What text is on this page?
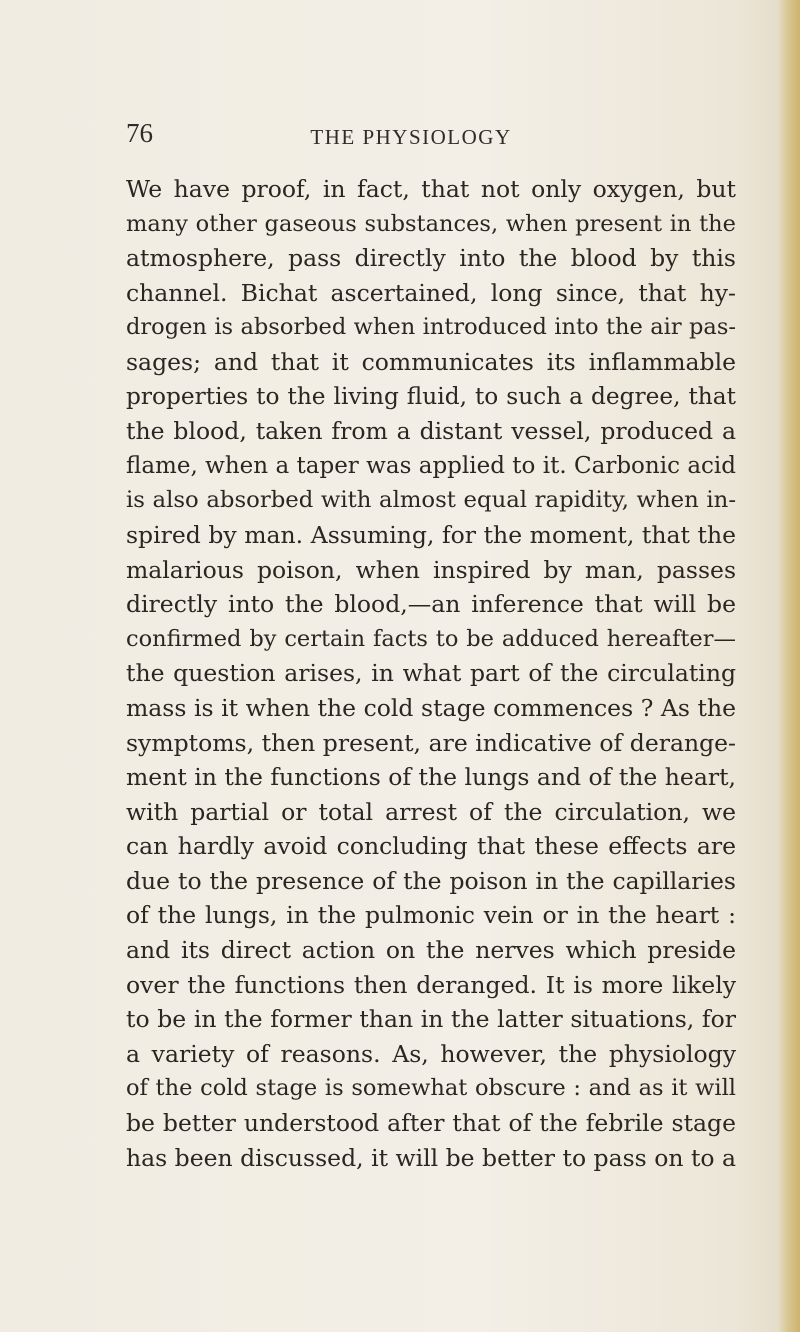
76	THE PHYSIOLOGY
We have proof, in fact, that not only oxygen, but
many other gaseous substances, when present in the
atmosphere, pass directly into the blood by this
channel. Bichat ascertained, long since, that hy-
drogen is absorbed when introduced into the air pas-
sages; and that it communicates its inflammable
properties to the living fluid, to such a degree, that
the blood, taken from a distant vessel, produced a
flame, when a taper was applied to it. Carbonic acid
is also absorbed with almost equal rapidity, when in-
spired by man. Assuming, for the moment, that the
malarious poison, when inspired by man, passes
directly into the blood,—an inference that will be
confirmed by certain facts to be adduced hereafter—
the question arises, in what part of the circulating
mass is it when the cold stage commences ? As the
symptoms, then present, are indicative of derange-
ment in the functions of the lungs and of the heart,
with partial or total arrest of the circulation, we
can hardly avoid concluding that these effects are
due to the presence of the poison in the capillaries
of the lungs, in the pulmonic vein or in the heart :
and its direct action on the nerves which preside
over the functions then deranged. It is more likely
to be in the former than in the latter situations, for
a variety of reasons. As, however, the physiology
of the cold stage is somewhat obscure : and as it will
be better understood after that of the febrile stage
has been discussed, it will be better to pass on to a
